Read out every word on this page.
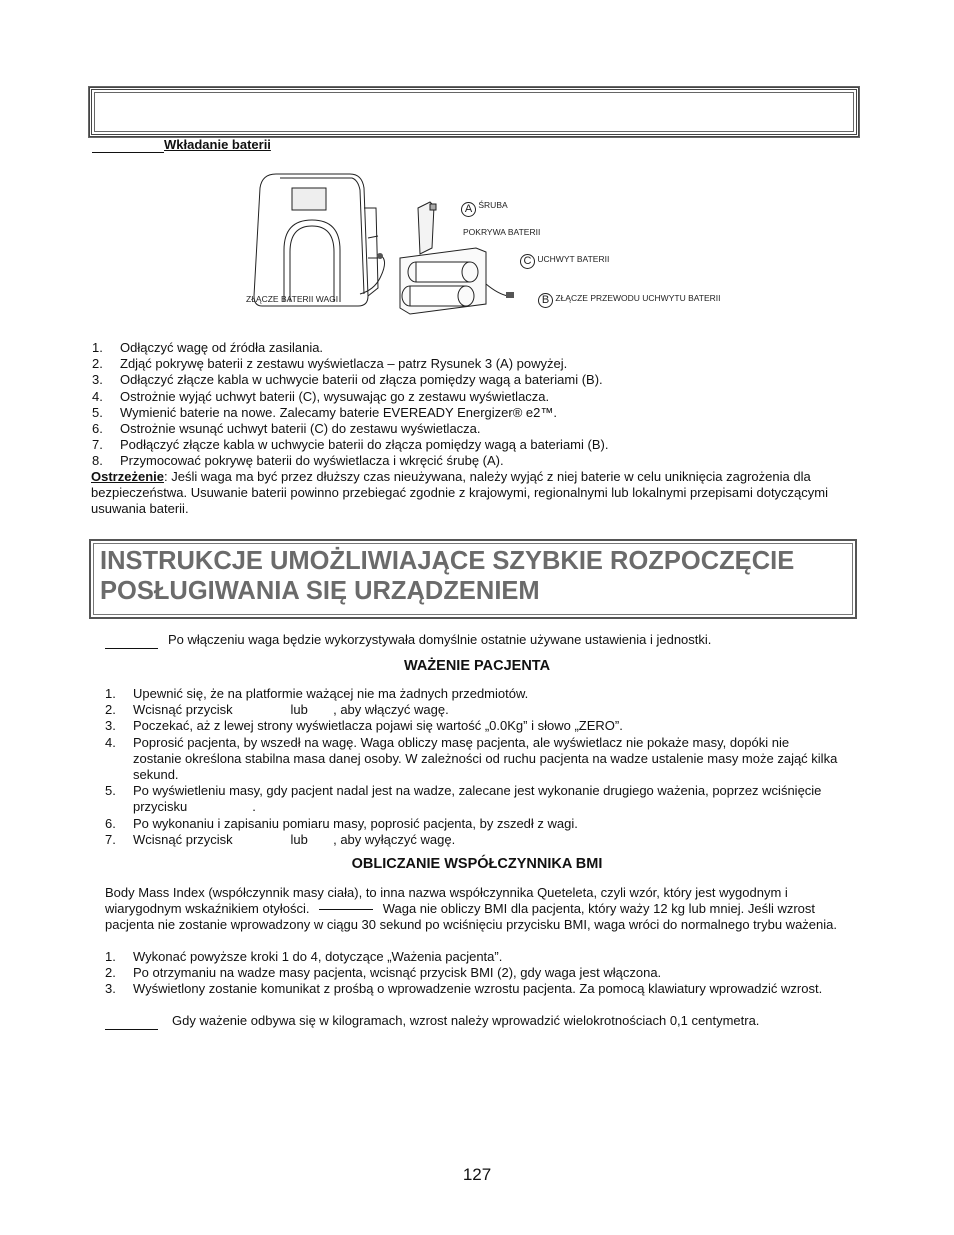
Wkładanie baterii
A ŚRUBA
POKRYWA BATERII
C UCHWYT BATERII
ZŁĄCZE BATERII WAGI	B ZŁĄCZE PRZEWODU UCHWYTU BATERII
1. Odłączyć wagę od źródła zasilania.
2. Zdjąć pokrywę baterii z zestawu wyświetlacza – patrz Rysunek 3 (A) powyżej.
3. Odłączyć złącze kabla w uchwycie baterii od złącza pomiędzy wagą a bateriami (B).
4. Ostrożnie wyjąć uchwyt baterii (C), wysuwając go z zestawu wyświetlacza.
5. Wymienić baterie na nowe. Zalecamy baterie EVEREADY Energizer® e2™.
6. Ostrożnie wsunąć uchwyt baterii (C) do zestawu wyświetlacza.
7. Podłączyć złącze kabla w uchwycie baterii do złącza pomiędzy wagą a bateriami (B).
8. Przymocować pokrywę baterii do wyświetlacza i wkręcić śrubę (A).
Ostrzeżenie: Jeśli waga ma być przez dłuższy czas nieużywana, należy wyjąć z niej baterie w celu uniknięcia zagrożenia dla bezpieczeństwa. Usuwanie baterii powinno przebiegać zgodnie z krajowymi, regionalnymi lub lokalnymi przepisami dotyczącymi usuwania baterii.
INSTRUKCJE UMOŻLIWIAJĄCE SZYBKIE ROZPOCZĘCIE
POSŁUGIWANIA SIĘ URZĄDZENIEM
Po włączeniu waga będzie wykorzystywała domyślnie ostatnie używane ustawienia i jednostki.
WAŻENIE PACJENTA
1. Upewnić się, że na platformie ważącej nie ma żadnych przedmiotów.
2. Wcisnąć przycisk                lub       , aby włączyć wagę.
3. Poczekać, aż z lewej strony wyświetlacza pojawi się wartość „0.0Kg” i słowo „ZERO”.
4. Poprosić pacjenta, by wszedł na wagę. Waga obliczy masę pacjenta, ale wyświetlacz nie pokaże masy, dopóki nie zostanie określona stabilna masa danej osoby. W zależności od ruchu pacjenta na wadze ustalenie masy może zająć kilka sekund.
5. Po wyświetleniu masy, gdy pacjent nadal jest na wadze, zalecane jest wykonanie drugiego ważenia, poprzez wciśnięcie przycisku                  .
6. Po wykonaniu i zapisaniu pomiaru masy, poprosić pacjenta, by zszedł z wagi.
7. Wcisnąć przycisk                lub       , aby wyłączyć wagę.
OBLICZANIE WSPÓŁCZYNNIKA BMI
Body Mass Index (współczynnik masy ciała), to inna nazwa współczynnika Queteleta, czyli wzór, który jest wygodnym i wiarygodnym wskaźnikiem otyłości.	Waga nie obliczy BMI dla pacjenta, który waży 12 kg lub mniej. Jeśli wzrost pacjenta nie zostanie wprowadzony w ciągu 30 sekund po wciśnięciu przycisku BMI, waga wróci do normalnego trybu ważenia.
1. Wykonać powyższe kroki 1 do 4, dotyczące „Ważenia pacjenta”.
2. Po otrzymaniu na wadze masy pacjenta, wcisnąć przycisk BMI (2), gdy waga jest włączona.
3. Wyświetlony zostanie komunikat z prośbą o wprowadzenie wzrostu pacjenta. Za pomocą klawiatury wprowadzić wzrost.
Gdy ważenie odbywa się w kilogramach, wzrost należy wprowadzić wielokrotnościach 0,1 centymetra.
127
